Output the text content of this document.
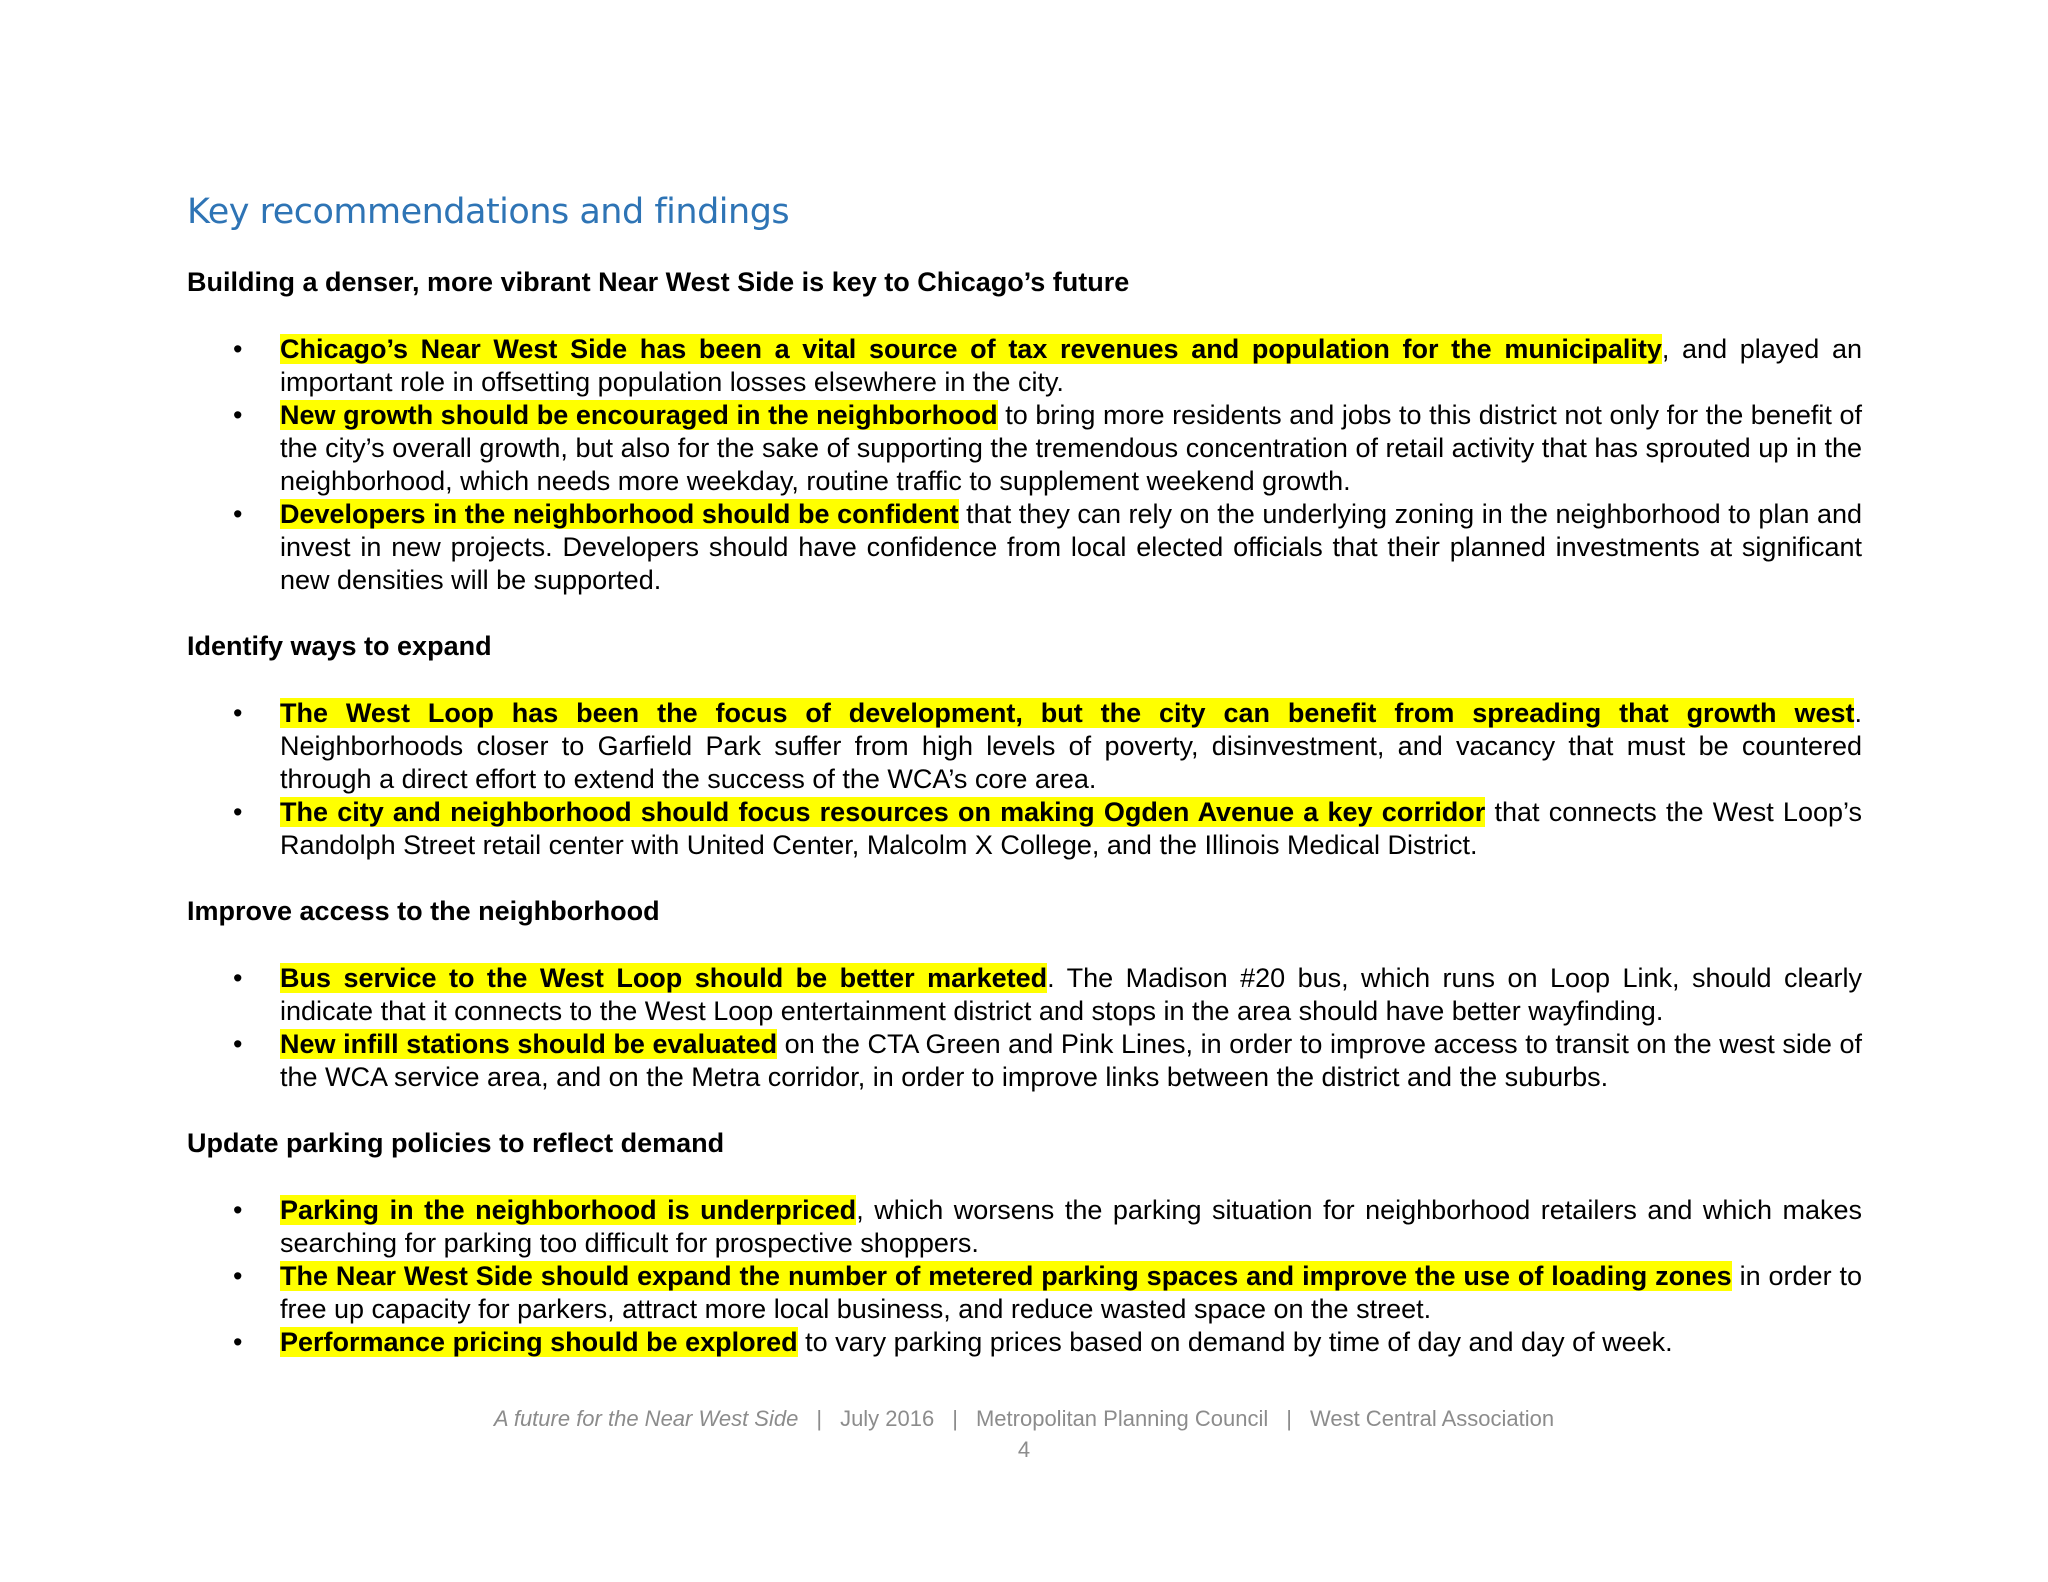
Key recommendations and findings
Building a denser, more vibrant Near West Side is key to Chicago’s future
• Chicago’s Near West Side has been a vital source of tax revenues and population for the municipality, and played an important role in offsetting population losses elsewhere in the city.
• New growth should be encouraged in the neighborhood to bring more residents and jobs to this district not only for the benefit of the city’s overall growth, but also for the sake of supporting the tremendous concentration of retail activity that has sprouted up in the neighborhood, which needs more weekday, routine traffic to supplement weekend growth.
• Developers in the neighborhood should be confident that they can rely on the underlying zoning in the neighborhood to plan and invest in new projects. Developers should have confidence from local elected officials that their planned investments at significant new densities will be supported.
Identify ways to expand
• The West Loop has been the focus of development, but the city can benefit from spreading that growth west. Neighborhoods closer to Garfield Park suffer from high levels of poverty, disinvestment, and vacancy that must be countered through a direct effort to extend the success of the WCA’s core area.
• The city and neighborhood should focus resources on making Ogden Avenue a key corridor that connects the West Loop’s Randolph Street retail center with United Center, Malcolm X College, and the Illinois Medical District.
Improve access to the neighborhood
• Bus service to the West Loop should be better marketed. The Madison #20 bus, which runs on Loop Link, should clearly indicate that it connects to the West Loop entertainment district and stops in the area should have better wayfinding.
• New infill stations should be evaluated on the CTA Green and Pink Lines, in order to improve access to transit on the west side of the WCA service area, and on the Metra corridor, in order to improve links between the district and the suburbs.
Update parking policies to reflect demand
• Parking in the neighborhood is underpriced, which worsens the parking situation for neighborhood retailers and which makes searching for parking too difficult for prospective shoppers.
• The Near West Side should expand the number of metered parking spaces and improve the use of loading zones in order to free up capacity for parkers, attract more local business, and reduce wasted space on the street.
• Performance pricing should be explored to vary parking prices based on demand by time of day and day of week.
A future for the Near West Side | July 2016 | Metropolitan Planning Council | West Central Association
4
